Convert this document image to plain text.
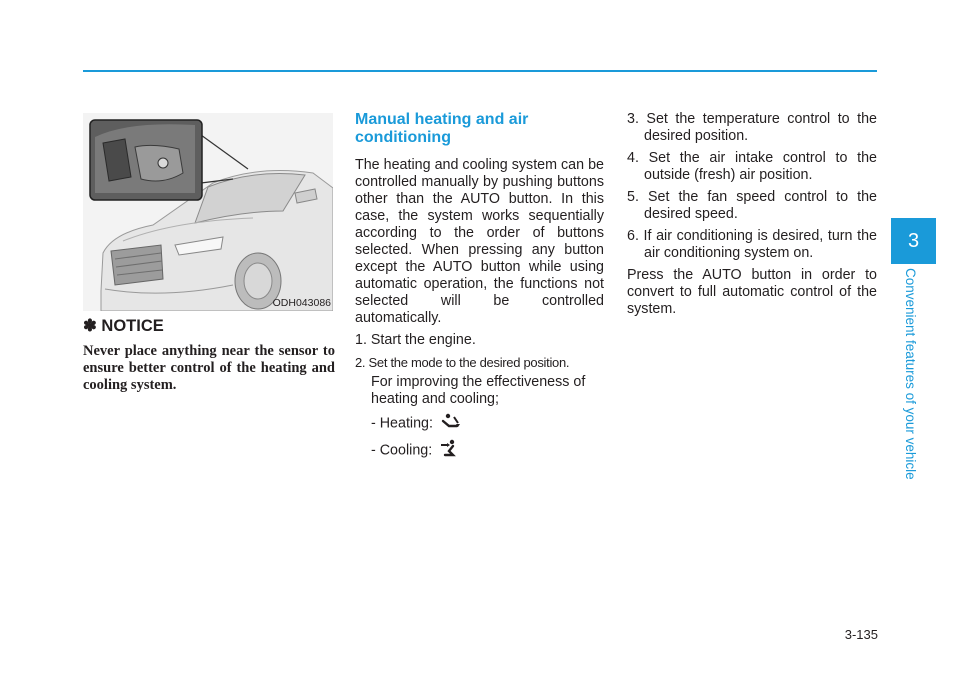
3
Convenient features of your vehicle
ODH043086
✽ NOTICE
Never place anything near the sensor to ensure better control of the heating and cooling system.
Manual heating and air conditioning

The heating and cooling system can be controlled manually by pushing buttons other than the AUTO button. In this case, the system works sequentially according to the order of buttons selected. When pressing any button except the AUTO button while using automatic operation, the functions not selected will be controlled automatically.

1. Start the engine.

2. Set the mode to the desired position.

For improving the effectiveness of heating and cooling;

- Heating:

- Cooling:

3. Set the temperature control to the desired position.

4. Set the air intake control to the outside (fresh) air position.

5. Set the fan speed control to the desired speed.

6. If air conditioning is desired, turn the air conditioning system on.

Press the AUTO button in order to convert to full automatic control of the system.

3-135
